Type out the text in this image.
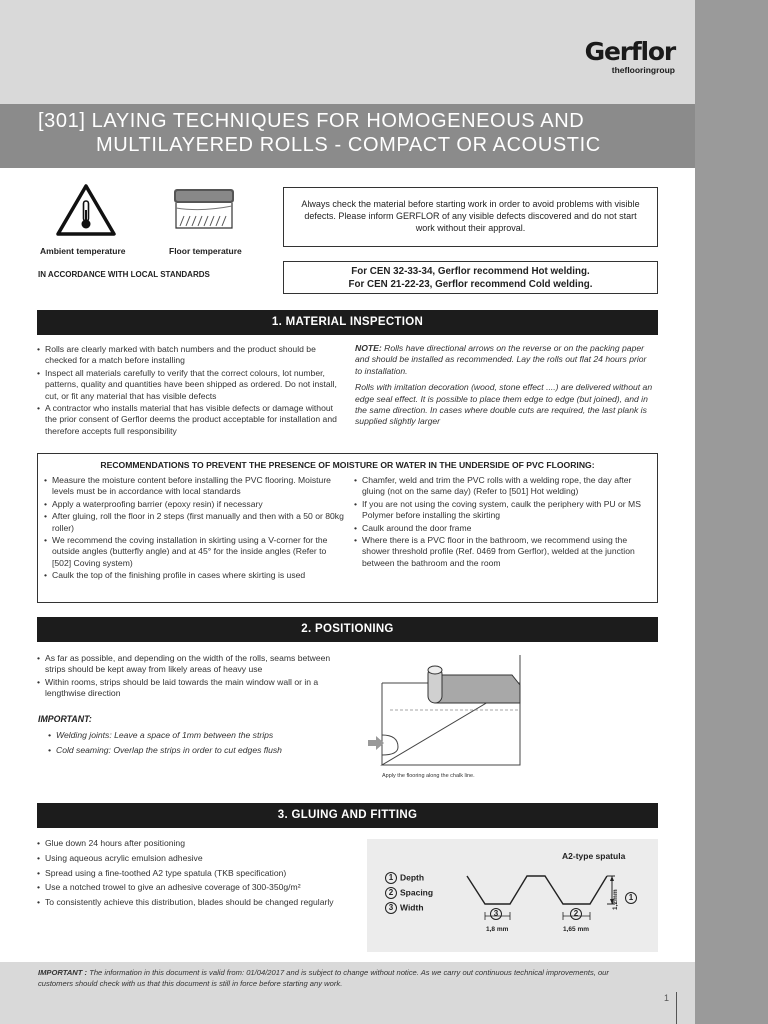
Gerflor
theflooringroup
[301] LAYING TECHNIQUES FOR HOMOGENEOUS AND
MULTILAYERED ROLLS - COMPACT OR ACOUSTIC
Ambient temperature	Floor temperature
IN ACCORDANCE WITH LOCAL STANDARDS
Always check the material before starting work in order to avoid problems with visible defects. Please inform GERFLOR of any visible defects discovered and do not start work without their approval.
For CEN 32-33-34, Gerflor recommend Hot welding.
For CEN 21-22-23, Gerflor recommend Cold welding.
1. MATERIAL INSPECTION
• Rolls are clearly marked with batch numbers and the product should be checked for a match before installing
• Inspect all materials carefully to verify that the correct colours, lot number, patterns, quality and quantities have been shipped as ordered. Do not install, cut, or fit any material that has visible defects
• A contractor who installs material that has visible defects or damage without the prior consent of Gerflor deems the product acceptable for installation and therefore accepts full responsibility

NOTE: Rolls have directional arrows on the reverse or on the packing paper and should be installed as recommended. Lay the rolls out flat 24 hours prior to installation.

Rolls with imitation decoration (wood, stone effect ....) are delivered without an edge seal effect. It is possible to place them edge to edge (but joined), and in the same direction. In cases where double cuts are required, the last plank is supplied slightly larger

RECOMMENDATIONS TO PREVENT THE PRESENCE OF MOISTURE OR WATER IN THE UNDERSIDE OF PVC FLOORING:
• Measure the moisture content before installing the PVC flooring. Moisture levels must be in accordance with local standards
• Apply a waterproofing barrier (epoxy resin) if necessary
• After gluing, roll the floor in 2 steps (first manually and then with a 50 or 80kg roller)
• We recommend the coving installation in skirting using a V-corner for the outside angles (butterfly angle) and at 45° for the inside angles (Refer to [502] Coving system)
• Caulk the top of the finishing profile in cases where skirting is used
• Chamfer, weld and trim the PVC rolls with a welding rope, the day after gluing (not on the same day) (Refer to [501] Hot welding)
• If you are not using the coving system, caulk the periphery with PU or MS Polymer before installing the skirting
• Caulk around the door frame
• Where there is a PVC floor in the bathroom, we recommend using the shower threshold profile (Ref. 0469 from Gerflor), welded at the junction between the bathroom and the room
2. POSITIONING
• As far as possible, and depending on the width of the rolls, seams between strips should be kept away from likely areas of heavy use
• Within rooms, strips should be laid towards the main window wall or in a lengthwise direction
IMPORTANT:
• Welding joints: Leave a space of 1mm between the strips
• Cold seaming: Overlap the strips in order to cut edges flush
Apply the flooring along the chalk line.
3. GLUING AND FITTING
• Glue down 24 hours after positioning
• Using aqueous acrylic emulsion adhesive
• Spread using a fine-toothed A2 type spatula (TKB specification)
• Use a notched trowel to give an adhesive coverage of 300-350g/m²
• To consistently achieve this distribution, blades should be changed regularly
A2-type spatula
1 Depth
2 Spacing
3 Width
3	2
1
1,2mm
1,8 mm	1,65 mm
IMPORTANT : The information in this document is valid from: 01/04/2017 and is subject to change without notice. As we carry out continuous technical improvements, our customers should check with us that this document is still in force before starting any work.
1
